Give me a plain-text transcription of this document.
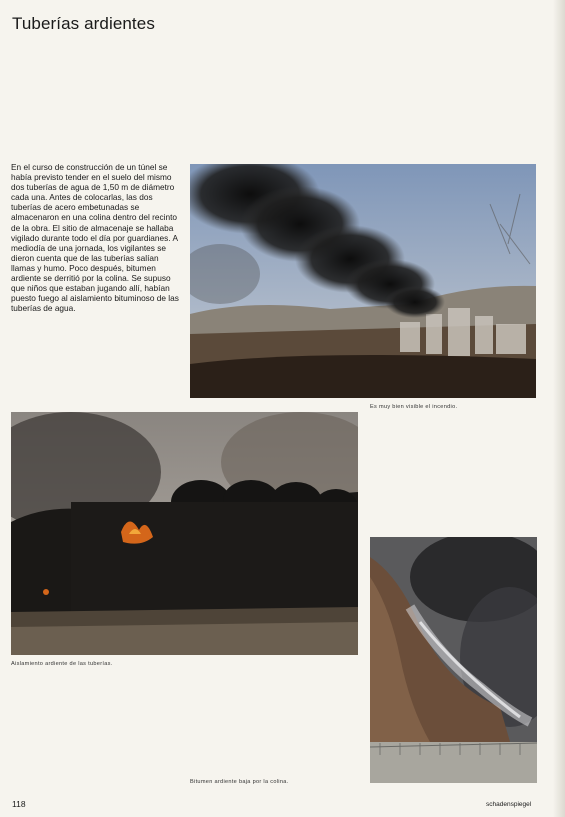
Tuberías ardientes
En el curso de construcción de un túnel se había previsto tender en el suelo del mismo dos tuberías de agua de 1,50 m de diámetro cada una. Antes de colocarlas, las dos tuberías de acero embetunadas se almacenaron en una colina dentro del recinto de la obra. El sitio de almacenaje se hallaba vigilado durante todo el día por guardianes. A mediodía de una jornada, los vigilantes se dieron cuenta que de las tuberías salían llamas y humo. Poco después, bitumen ardiente se derritió por la colina. Se supuso que niños que estaban jugando allí, habían puesto fuego al aislamiento bituminoso de las tuberías de agua.
Es muy bien visible el incendio.
Aislamiento ardiente de las tuberías.
Bitumen ardiente baja por la colina.
118	schadenspiegel
